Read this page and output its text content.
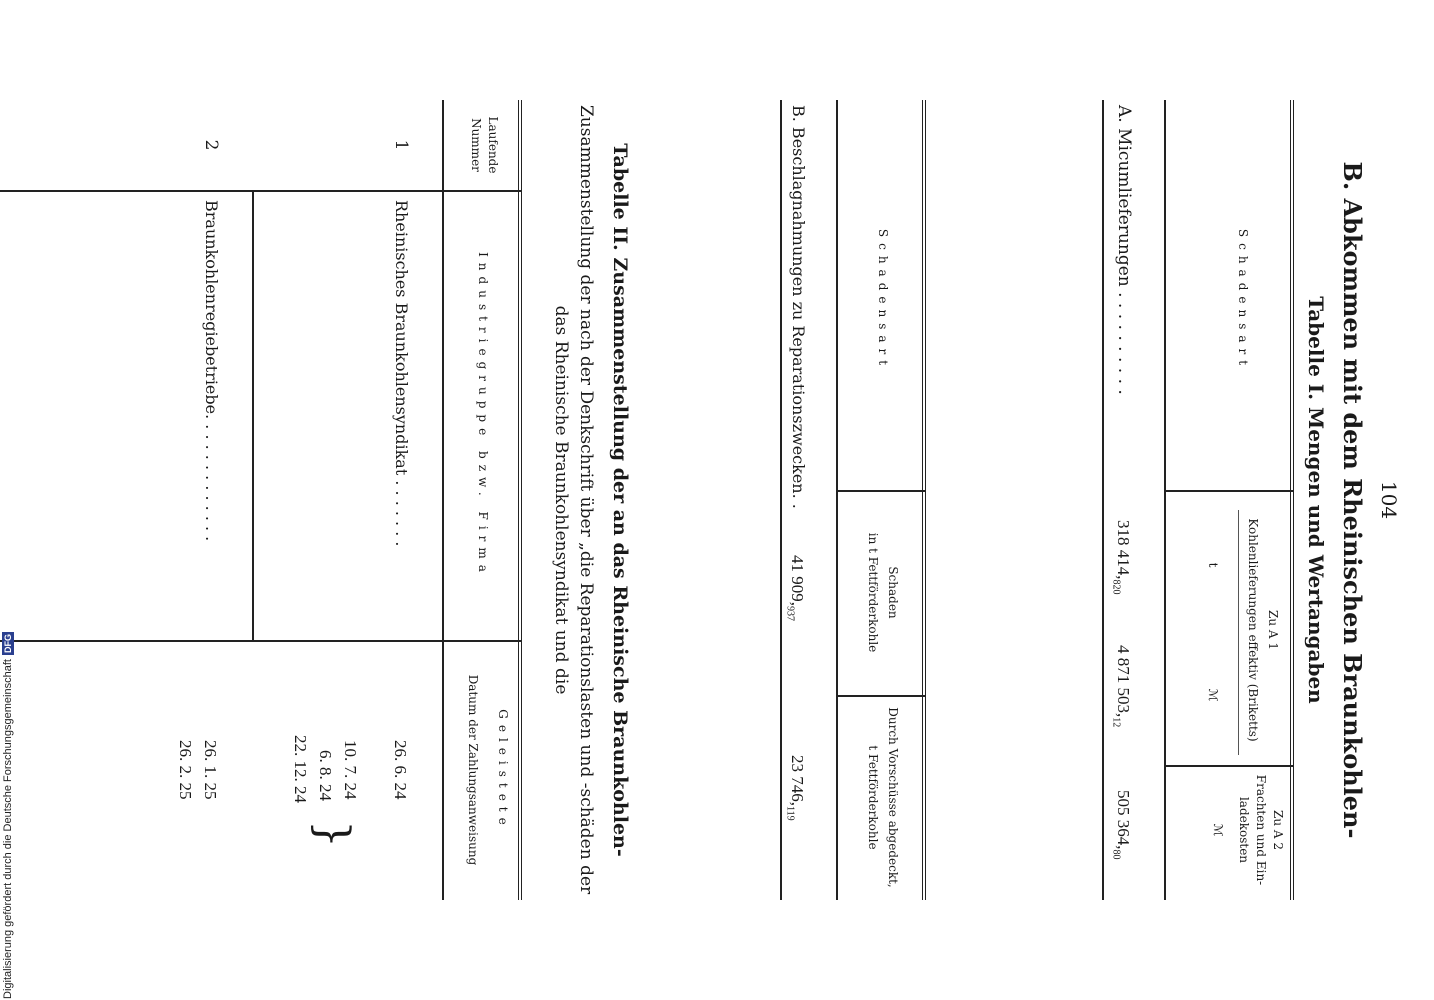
104
B. Abkommen mit dem Rheinischen Braunkohlen-
Tabelle I. Mengen und Wertangaben
Schadensart
Zu A 1
Kohlenlieferungen effektiv (Briketts)
t
ℳ
Zu A 2
Frachten und Ein-
ladekosten
ℳ
A. Micumlieferungen . . . . . . . . . .
318 $414,_{820}$
4 871 $503,_{12}$
505 $364,_{80}$
Schadensart
Schaden
in t Fettförderkohle
Durch Vorschüsse abgedeckt,
t Fettförderkohle
B. Beschlagnahmungen zu Reparationszwecken. .
41 $909,_{937}$
23 $746,_{119}$
Tabelle II. Zusammenstellung der an das Rheinische Braunkohlen-
Zusammenstellung der nach der Denkschrift über „die Reparationslasten und -schäden der
das Rheinische Braunkohlensyndikat und die
Laufende
Nummer
Industriegruppe bzw. Firma
Geleistete
Datum der Zahlungsanweisung
1
Rheinisches Braunkohlensyndikat . . . . . . .
26. 6. 24
10. 7. 24
6. 8. 24
22. 12. 24
}
2
Braunkohlenregiebetriebe. . . . . . . . . . . . .
26. 1. 25
26. 2. 25
Digitalisierung gefördert durch die Deutsche Forschungsgemeinschaft
DFG
